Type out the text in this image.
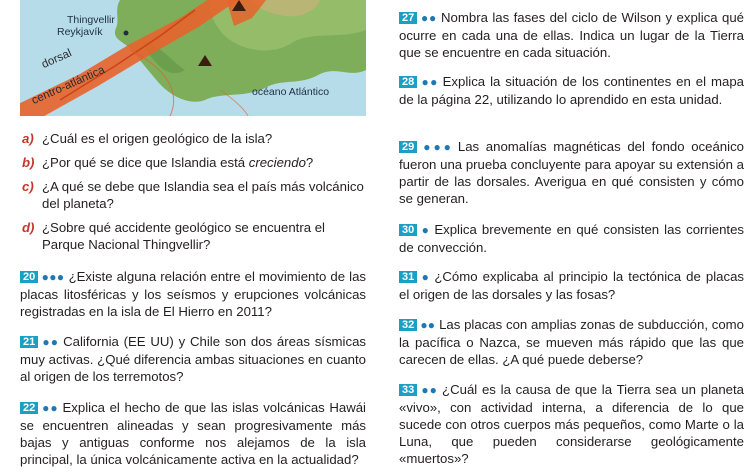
Thingvellir
Reykjavík
dorsal
centro-atlántica	océano Atlántico

a) ¿Cuál es el origen geológico de la isla?

b) ¿Por qué se dice que Islandia está creciendo?

c) ¿A qué se debe que Islandia sea el país más volcánico del planeta?

d) ¿Sobre qué accidente geológico se encuentra el Parque Nacional Thingvellir?

20 ●●● ¿Existe alguna relación entre el movimiento de las placas litosféricas y los seísmos y erupciones volcánicas registradas en la isla de El Hierro en 2011?
21 ●● California (EE UU) y Chile son dos áreas sísmicas muy activas. ¿Qué diferencia ambas situaciones en cuanto al origen de los terremotos?
22 ●● Explica el hecho de que las islas volcánicas Hawái se encuentren alineadas y sean progresivamente más bajas y antiguas conforme nos alejamos de la isla principal, la única volcánicamente activa en la actualidad?
27 ●● Nombra las fases del ciclo de Wilson y explica qué ocurre en cada una de ellas. Indica un lugar de la Tierra que se encuentre en cada situación.
28 ●● Explica la situación de los continentes en el mapa de la página 22, utilizando lo aprendido en esta unidad.
29 ●●● Las anomalías magnéticas del fondo oceánico fueron una prueba concluyente para apoyar su extensión a partir de las dorsales. Averigua en qué consisten y cómo se generan.
30 ● Explica brevemente en qué consisten las corrientes de convección.
31 ● ¿Cómo explicaba al principio la tectónica de placas el origen de las dorsales y las fosas?
32 ●● Las placas con amplias zonas de subducción, como la pacífica o Nazca, se mueven más rápido que las que carecen de ellas. ¿A qué puede deberse?
33 ●● ¿Cuál es la causa de que la Tierra sea un planeta «vivo», con actividad interna, a diferencia de lo que sucede con otros cuerpos más pequeños, como Marte o la Luna, que pueden considerarse geológicamente «muertos»?
